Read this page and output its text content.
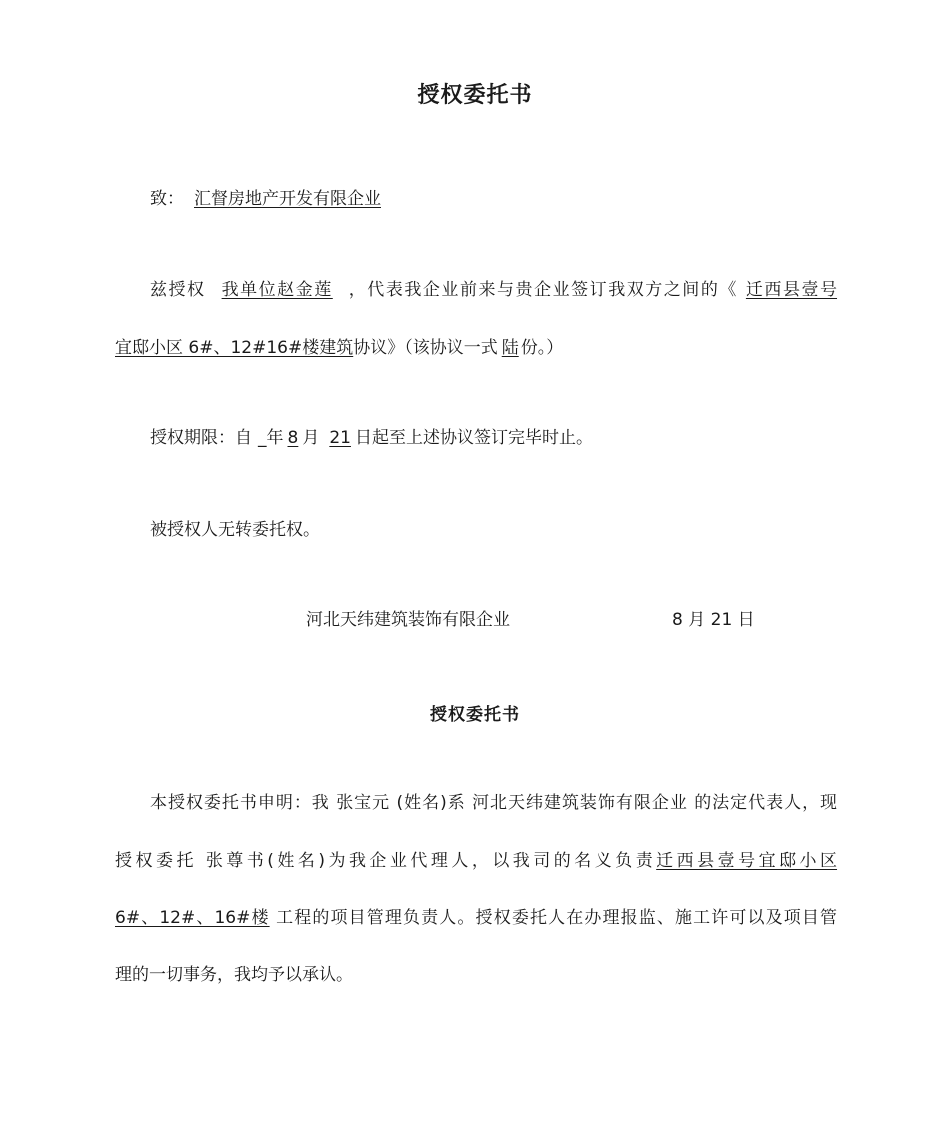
授权委托书
致： 汇督房地产开发有限企业
兹授权 我单位赵金莲 ，代表我企业前来与贵企业签订我双方之间的《 迁西县壹号
宜邸小区 6#、12#16#楼建筑协议》（该协议一式 陆 份。）
授权期限：自 _年 8 月 21 日起至上述协议签订完毕时止。
被授权人无转委托权。
河北天纬建筑装饰有限企业	8 月 21 日
授权委托书
本授权委托书申明：我 张宝元 (姓名)系 河北天纬建筑装饰有限企业 的法定代表人，现
授权委托 张尊书(姓名)为我企业代理人，以我司的名义负责迁西县壹号宜邸小区
6#、12#、16#楼 工程的项目管理负责人。授权委托人在办理报监、施工许可以及项目管
理的一切事务，我均予以承认。
